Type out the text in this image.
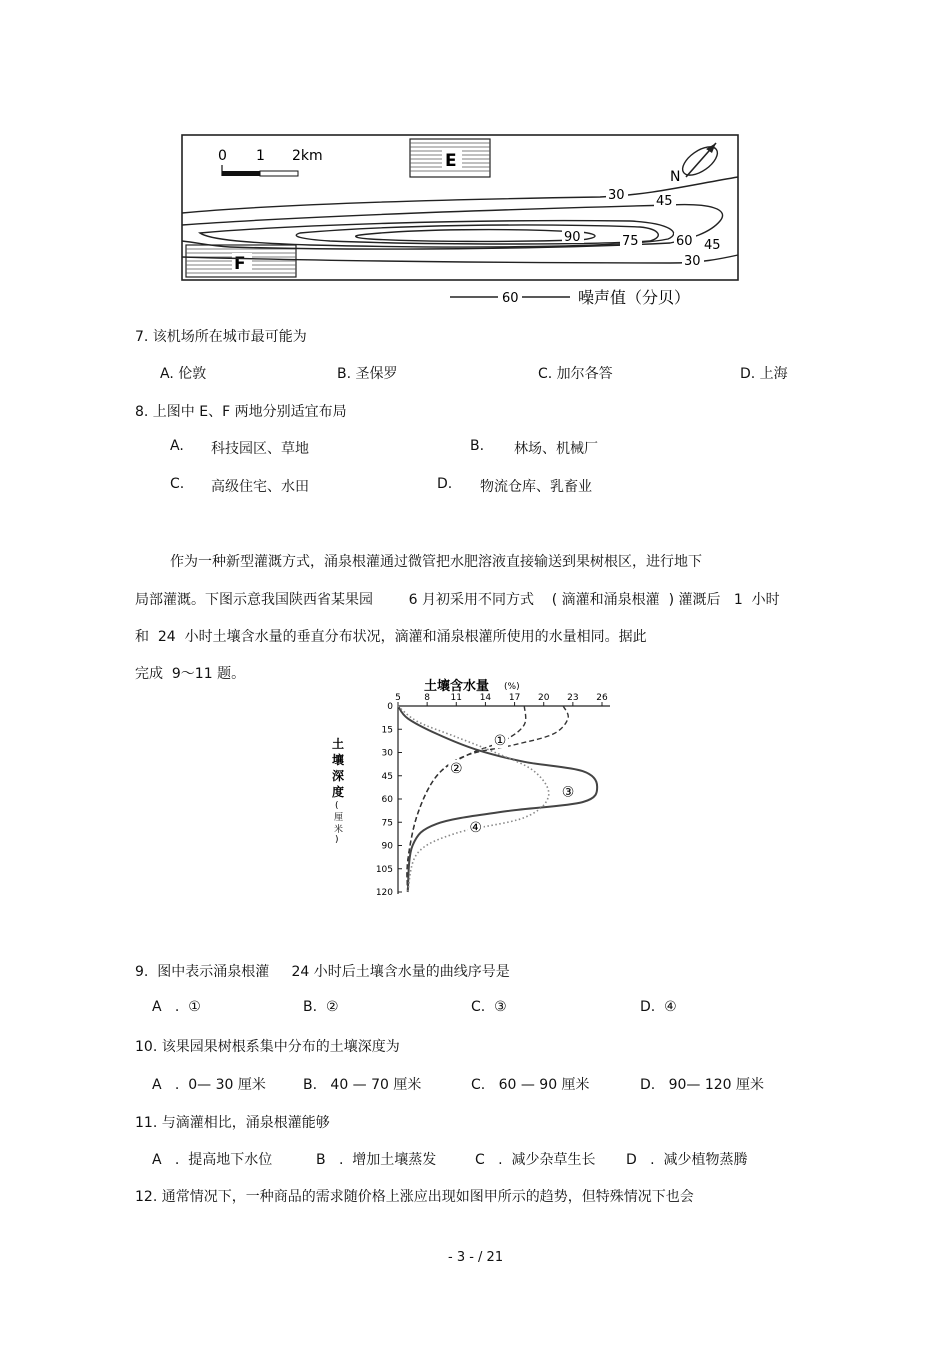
0 1 2km	E
F
N
30 45
90	75	60 45
30
60	噪声值（分贝）
7. 该机场所在城市最可能为
A. 伦敦	B. 圣保罗	C. 加尔各答	D. 上海
8. 上图中 E、F 两地分别适宜布局
A. 科技园区、草地	B. 林场、机械厂
C. 高级住宅、水田	D. 物流仓库、乳畜业
作为一种新型灌溉方式，涌泉根灌通过微管把水肥溶液直接输送到果树根区，进行地下
局部灌溉。下图示意我国陕西省某果园        6 月初采用不同方式    ( 滴灌和涌泉根灌  ) 灌溉后   1  小时
和  24  小时土壤含水量的垂直分布状况，滴灌和涌泉根灌所使用的水量相同。据此
完成  9～11 题。
土壤含水量 (%)
土
壤
深
度
(
厘
米
)
5	8 11 14 17 20 23 26
0
15
30
45
60
75
90
105
120
①
②
③
④
9.  图中表示涌泉根灌     24 小时后土壤含水量的曲线序号是
A   .  ①	B.  ②	C.  ③	D.  ④
10. 该果园果树根系集中分布的土壤深度为
A   .  0— 30 厘米	B.   40 — 70 厘米	C.   60 — 90 厘米	D.   90— 120 厘米
11. 与滴灌相比，涌泉根灌能够
A   .  提高地下水位	B   .  增加土壤蒸发	C   .  减少杂草生长 D   .  减少植物蒸腾
12. 通常情况下，一种商品的需求随价格上涨应出现如图甲所示的趋势，但特殊情况下也会
- 3 - / 21
